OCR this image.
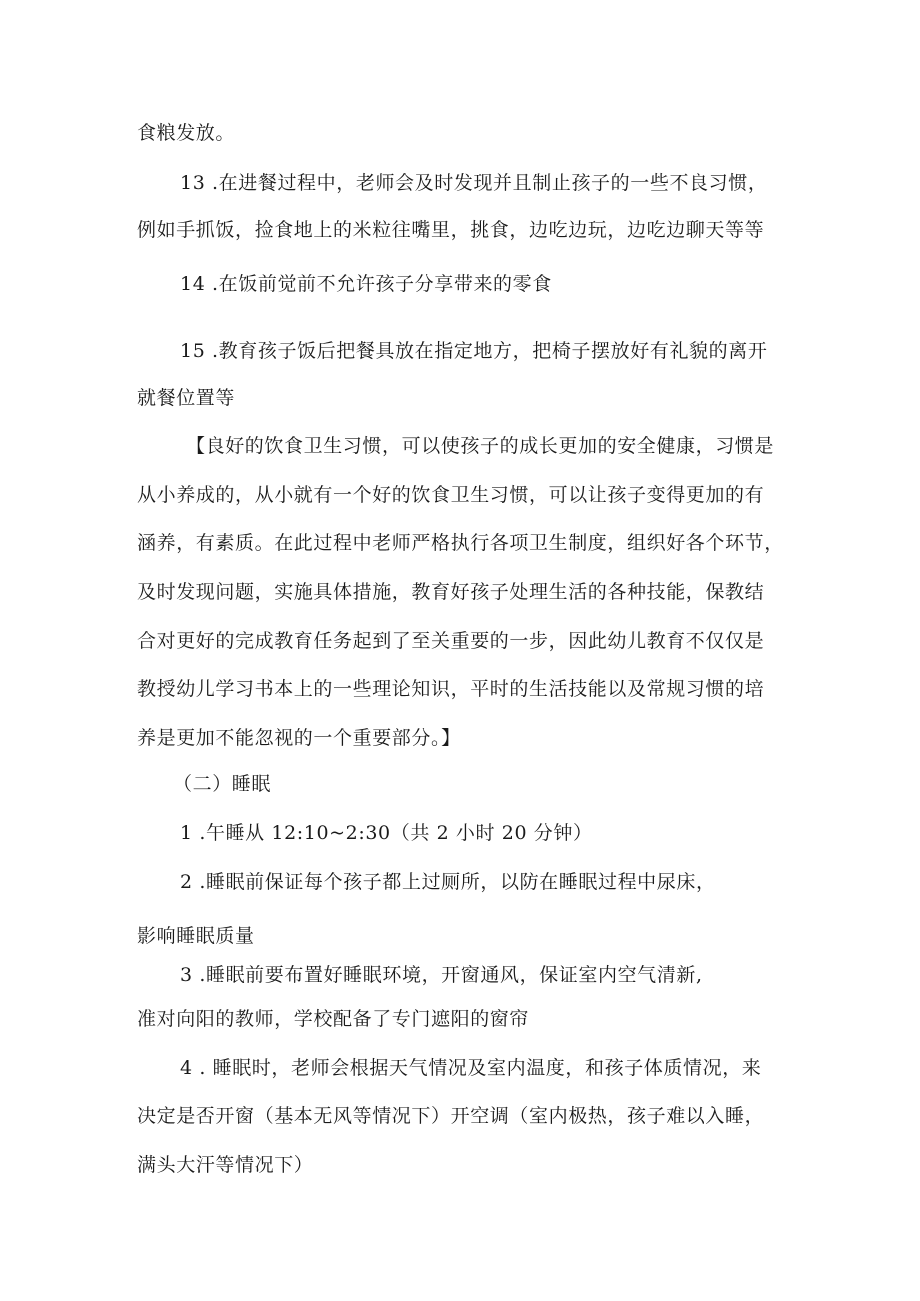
食粮发放。
13 .在进餐过程中，老师会及时发现并且制止孩子的一些不良习惯，
例如手抓饭，捡食地上的米粒往嘴里，挑食，边吃边玩，边吃边聊天等等
14 .在饭前觉前不允许孩子分享带来的零食
15 .教育孩子饭后把餐具放在指定地方，把椅子摆放好有礼貌的离开
就餐位置等
【良好的饮食卫生习惯，可以使孩子的成长更加的安全健康，习惯是
从小养成的，从小就有一个好的饮食卫生习惯，可以让孩子变得更加的有
涵养，有素质。在此过程中老师严格执行各项卫生制度，组织好各个环节，
及时发现问题，实施具体措施，教育好孩子处理生活的各种技能，保教结
合对更好的完成教育任务起到了至关重要的一步，因此幼儿教育不仅仅是
教授幼儿学习书本上的一些理论知识，平时的生活技能以及常规习惯的培
养是更加不能忽视的一个重要部分。】
（二）睡眠
1 .午睡从 12:10~2:30（共 2 小时 20 分钟）
2 .睡眠前保证每个孩子都上过厕所，以防在睡眠过程中尿床，
影响睡眠质量
3 .睡眠前要布置好睡眠环境，开窗通风，保证室内空气清新,
准对向阳的教师，学校配备了专门遮阳的窗帘
4 . 睡眠时，老师会根据天气情况及室内温度，和孩子体质情况，来
决定是否开窗（基本无风等情况下）开空调（室内极热，孩子难以入睡，
满头大汗等情况下）
